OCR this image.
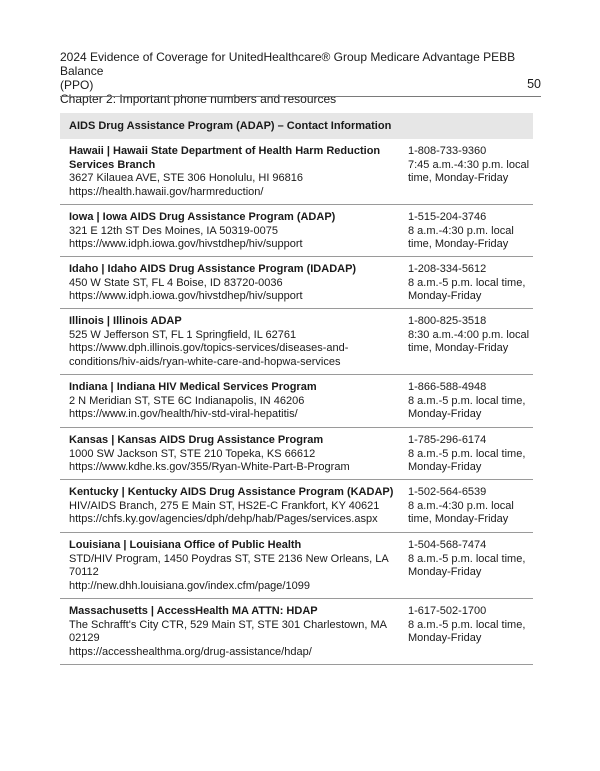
2024 Evidence of Coverage for UnitedHealthcare® Group Medicare Advantage PEBB Balance
(PPO)
Chapter 2: Important phone numbers and resources
50
AIDS Drug Assistance Program (ADAP) – Contact Information
Hawaii | Hawaii State Department of Health Harm Reduction Services Branch
3627 Kilauea AVE, STE 306 Honolulu, HI 96816
https://health.hawaii.gov/harmreduction/
1-808-733-9360
7:45 a.m.-4:30 p.m. local time, Monday-Friday
Iowa | Iowa AIDS Drug Assistance Program (ADAP)
321 E 12th ST Des Moines, IA 50319-0075
https://www.idph.iowa.gov/hivstdhep/hiv/support
1-515-204-3746
8 a.m.-4:30 p.m. local time, Monday-Friday
Idaho | Idaho AIDS Drug Assistance Program (IDADAP)
450 W State ST, FL 4 Boise, ID 83720-0036
https://www.idph.iowa.gov/hivstdhep/hiv/support
1-208-334-5612
8 a.m.-5 p.m. local time, Monday-Friday
Illinois | Illinois ADAP
525 W Jefferson ST, FL 1 Springfield, IL 62761
https://www.dph.illinois.gov/topics-services/diseases-and-conditions/hiv-aids/ryan-white-care-and-hopwa-services
1-800-825-3518
8:30 a.m.-4:00 p.m. local time, Monday-Friday
Indiana | Indiana HIV Medical Services Program
2 N Meridian ST, STE 6C Indianapolis, IN 46206
https://www.in.gov/health/hiv-std-viral-hepatitis/
1-866-588-4948
8 a.m.-5 p.m. local time, Monday-Friday
Kansas | Kansas AIDS Drug Assistance Program
1000 SW Jackson ST, STE 210 Topeka, KS 66612
https://www.kdhe.ks.gov/355/Ryan-White-Part-B-Program
1-785-296-6174
8 a.m.-5 p.m. local time, Monday-Friday
Kentucky | Kentucky AIDS Drug Assistance Program (KADAP)
HIV/AIDS Branch, 275 E Main ST, HS2E-C Frankfort, KY 40621
https://chfs.ky.gov/agencies/dph/dehp/hab/Pages/services.aspx
1-502-564-6539
8 a.m.-4:30 p.m. local time, Monday-Friday
Louisiana | Louisiana Office of Public Health
STD/HIV Program, 1450 Poydras ST, STE 2136 New Orleans, LA 70112
http://new.dhh.louisiana.gov/index.cfm/page/1099
1-504-568-7474
8 a.m.-5 p.m. local time, Monday-Friday
Massachusetts | AccessHealth MA ATTN: HDAP
The Schrafft's City CTR, 529 Main ST, STE 301 Charlestown, MA 02129
https://accesshealthma.org/drug-assistance/hdap/
1-617-502-1700
8 a.m.-5 p.m. local time, Monday-Friday
